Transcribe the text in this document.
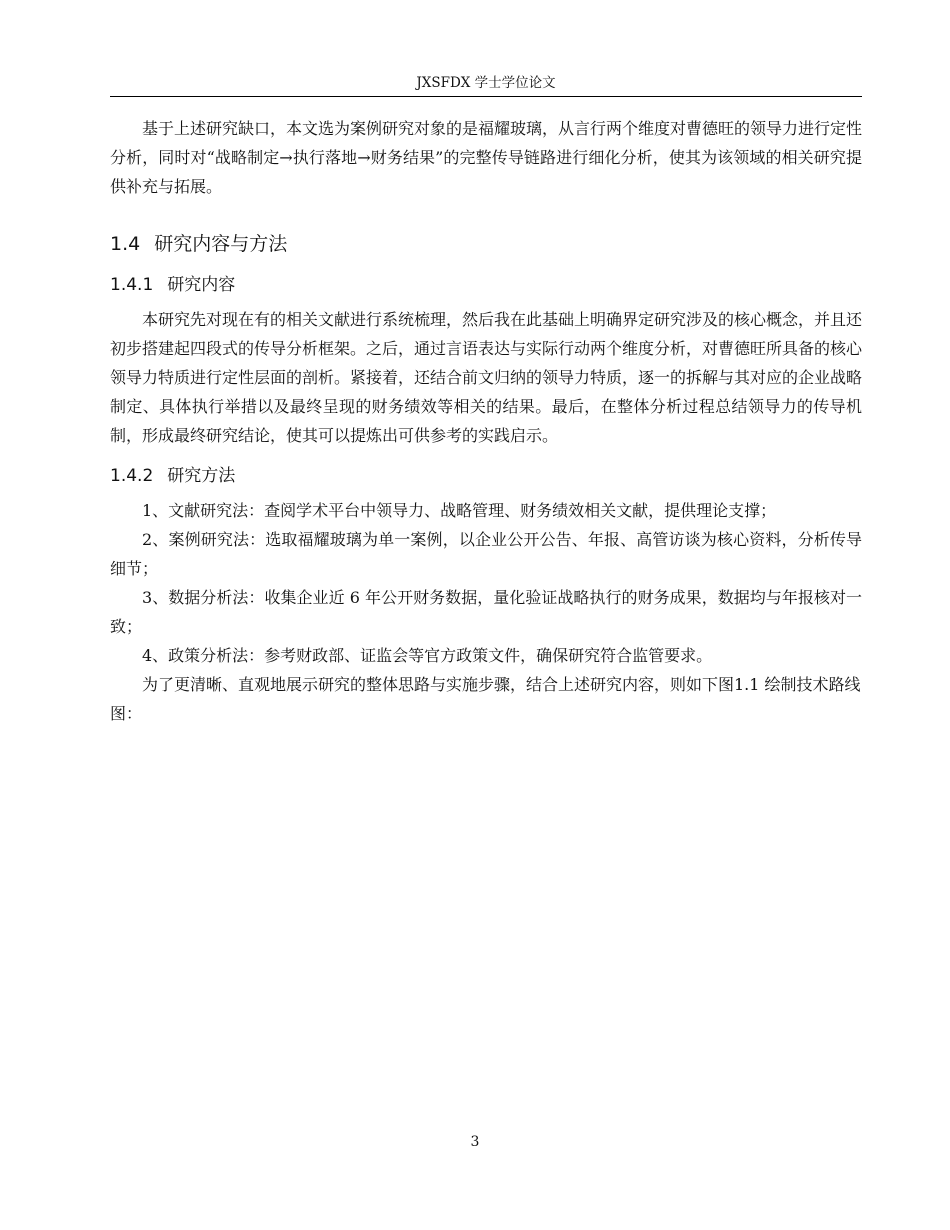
JXSFDX 学士学位论文

基于上述研究缺口，本文选为案例研究对象的是福耀玻璃，从言行两个维度对曹德旺的领导力进行定性分析，同时对“战略制定→执行落地→财务结果”的完整传导链路进行细化分析，使其为该领域的相关研究提供补充与拓展。

1.4 研究内容与方法
1.4.1 研究内容

本研究先对现在有的相关文献进行系统梳理，然后我在此基础上明确界定研究涉及的核心概念，并且还初步搭建起四段式的传导分析框架。之后，通过言语表达与实际行动两个维度分析，对曹德旺所具备的核心领导力特质进行定性层面的剖析。紧接着，还结合前文归纳的领导力特质，逐一的拆解与其对应的企业战略制定、具体执行举措以及最终呈现的财务绩效等相关的结果。最后，在整体分析过程总结领导力的传导机制，形成最终研究结论，使其可以提炼出可供参考的实践启示。

1.4.2 研究方法

1、文献研究法：查阅学术平台中领导力、战略管理、财务绩效相关文献，提供理论支撑；

2、案例研究法：选取福耀玻璃为单一案例，以企业公开公告、年报、高管访谈为核心资料，分析传导细节；

3、数据分析法：收集企业近 6 年公开财务数据，量化验证战略执行的财务成果，数据均与年报核对一致；

4、政策分析法：参考财政部、证监会等官方政策文件，确保研究符合监管要求。

为了更清晰、直观地展示研究的整体思路与实施步骤，结合上述研究内容，则如下图1.1 绘制技术路线图：

3
